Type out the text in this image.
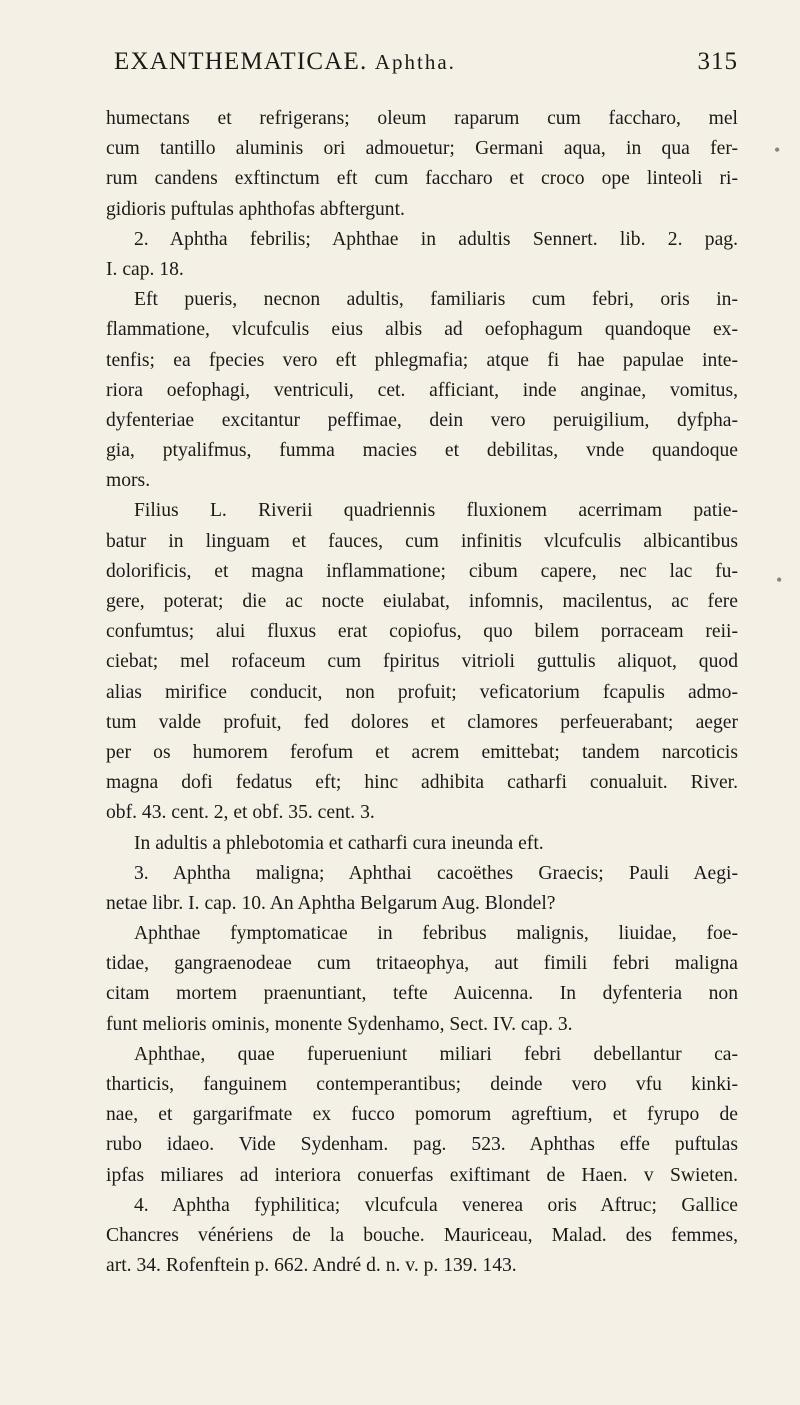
EXANTHEMATICAE. Aphtha.	315
humectans et refrigerans; oleum raparum cum faccharo, mel
cum tantillo aluminis ori admouetur; Germani aqua, in qua fer-
rum candens exftinctum eft cum faccharo et croco ope linteoli ri-
gidioris puftulas aphthofas abftergunt.
2. Aphtha febrilis; Aphthae in adultis Sennert. lib. 2. pag.
I. cap. 18.
Eft pueris, necnon adultis, familiaris cum febri, oris in-
flammatione, vlcufculis eius albis ad oefophagum quandoque ex-
tenfis; ea fpecies vero eft phlegmafia; atque fi hae papulae inte-
riora oefophagi, ventriculi, cet. afficiant, inde anginae, vomitus,
dyfenteriae excitantur peffimae, dein vero peruigilium, dyfpha-
gia, ptyalifmus, fumma macies et debilitas, vnde quandoque
mors.
Filius L. Riverii quadriennis fluxionem acerrimam patie-
batur in linguam et fauces, cum infinitis vlcufculis albicantibus
dolorificis, et magna inflammatione; cibum capere, nec lac fu-
gere, poterat; die ac nocte eiulabat, infomnis, macilentus, ac fere
confumtus; alui fluxus erat copiofus, quo bilem porraceam reii-
ciebat; mel rofaceum cum fpiritus vitrioli guttulis aliquot, quod
alias mirifice conducit, non profuit; veficatorium fcapulis admo-
tum valde profuit, fed dolores et clamores perfeuerabant; aeger
per os humorem ferofum et acrem emittebat; tandem narcoticis
magna dofi fedatus eft; hinc adhibita catharfi conualuit. River.
obf. 43. cent. 2, et obf. 35. cent. 3.
In adultis a phlebotomia et catharfi cura ineunda eft.
3. Aphtha maligna; Aphthai cacoëthes Graecis; Pauli Aegi-
netae libr. I. cap. 10. An Aphtha Belgarum Aug. Blondel?
Aphthae fymptomaticae in febribus malignis, liuidae, foe-
tidae, gangraenodeae cum tritaeophya, aut fimili febri maligna
citam mortem praenuntiant, tefte Auicenna. In dyfenteria non
funt melioris ominis, monente Sydenhamo, Sect. IV. cap. 3.
Aphthae, quae fuperueniunt miliari febri debellantur ca-
tharticis, fanguinem contemperantibus; deinde vero vfu kinki-
nae, et gargarifmate ex fucco pomorum agreftium, et fyrupo de
rubo idaeo. Vide Sydenham. pag. 523. Aphthas effe puftulas
ipfas miliares ad interiora conuerfas exiftimant de Haen. v Swieten.
4. Aphtha fyphilitica; vlcufcula venerea oris Aftruc; Gallice
Chancres vénériens de la bouche. Mauriceau, Malad. des femmes,
art. 34. Rofenftein p. 662. André d. n. v. p. 139. 143.
•
•
